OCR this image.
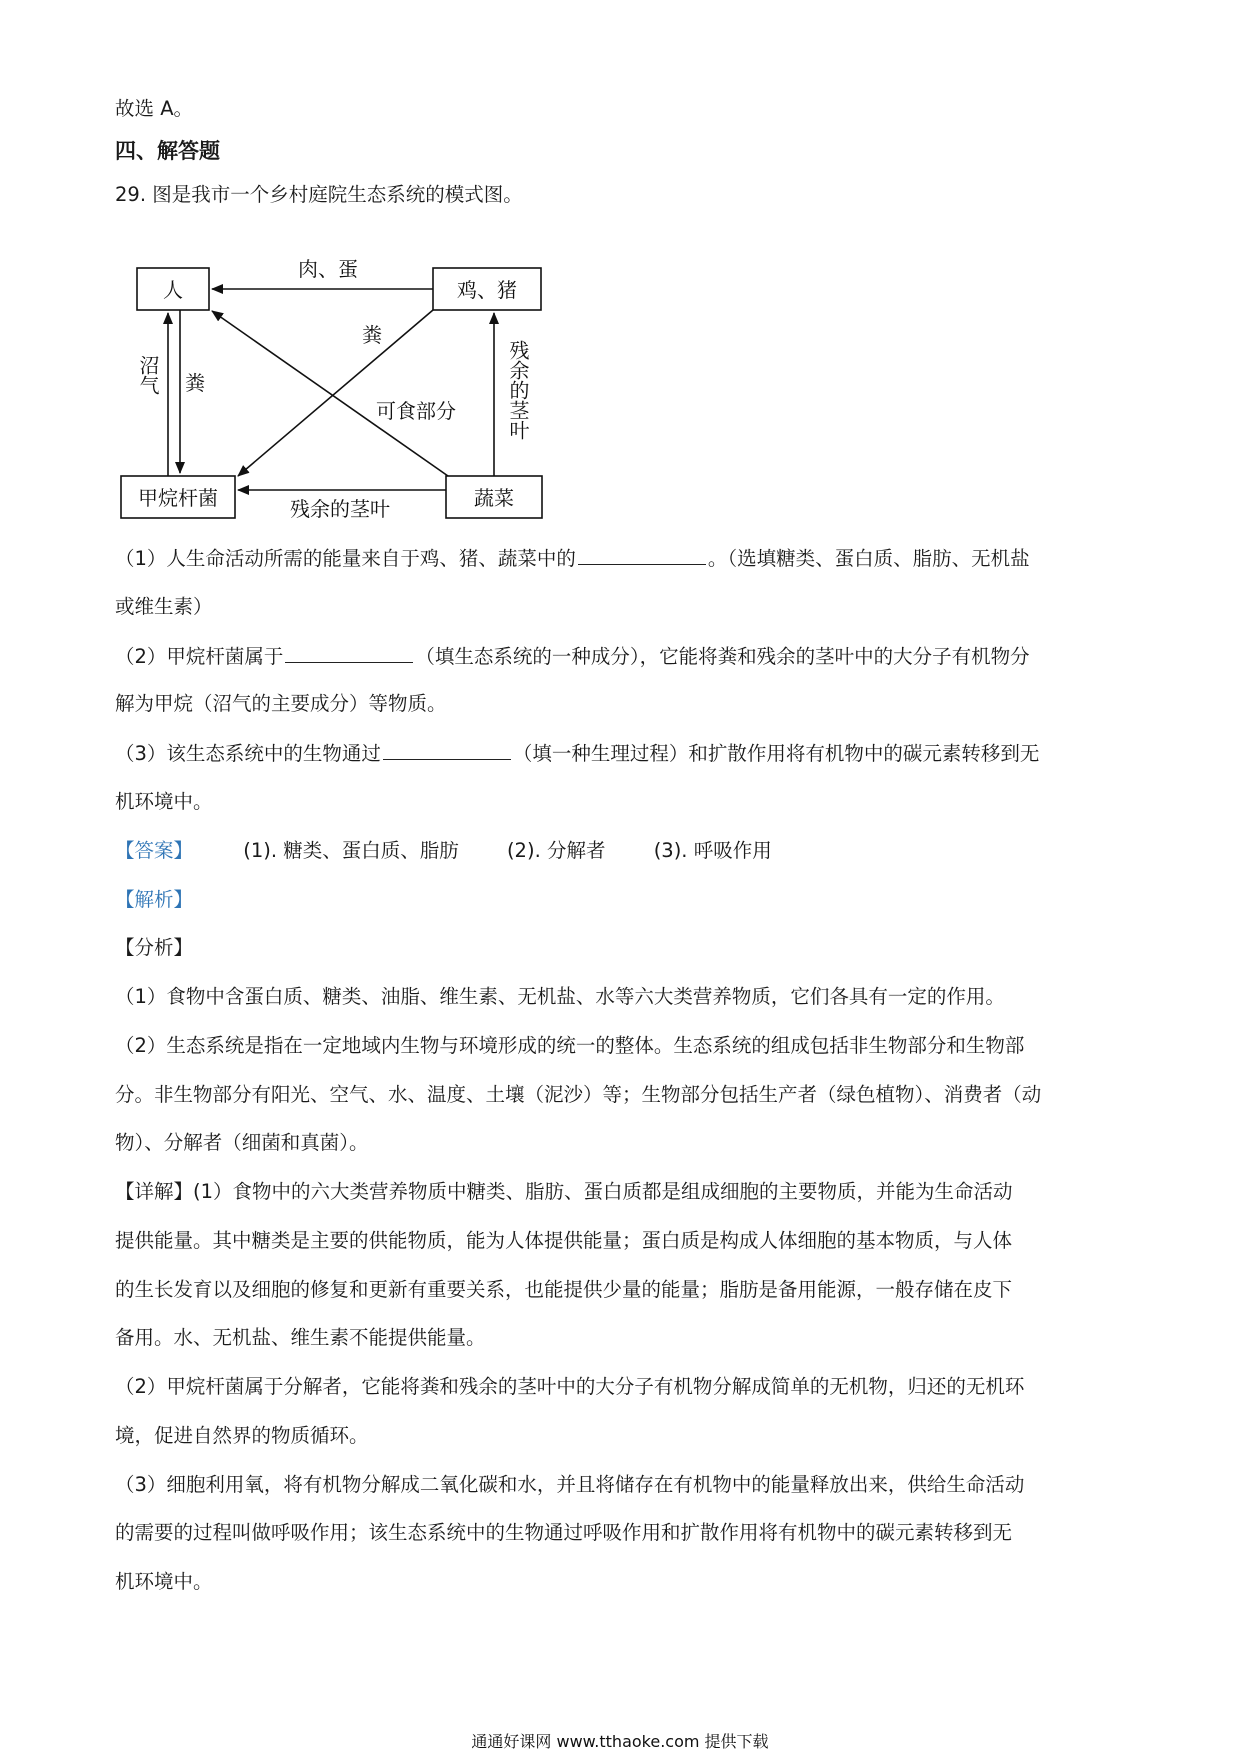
故选 A。
四、解答题
29. 图是我市一个乡村庭院生态系统的模式图。
人	鸡、猪
甲烷杆菌	蔬菜
肉、蛋
粪
可食部分
沼气 粪	残余的茎叶
残余的茎叶
（1）人生命活动所需的能量来自于鸡、猪、蔬菜中的	。（选填糖类、蛋白质、脂肪、无机盐
或维生素）
（2）甲烷杆菌属于	（填生态系统的一种成分），它能将粪和残余的茎叶中的大分子有机物分
解为甲烷（沼气的主要成分）等物质。
（3）该生态系统中的生物通过	（填一种生理过程）和扩散作用将有机物中的碳元素转移到无
机环境中。
【答案】	(1). 糖类、蛋白质、脂肪 (2). 分解者 (3). 呼吸作用
【解析】
【分析】
（1）食物中含蛋白质、糖类、油脂、维生素、无机盐、水等六大类营养物质，它们各具有一定的作用。
（2）生态系统是指在一定地域内生物与环境形成的统一的整体。生态系统的组成包括非生物部分和生物部
分。非生物部分有阳光、空气、水、温度、土壤（泥沙）等；生物部分包括生产者（绿色植物）、消费者（动
物）、分解者（细菌和真菌）。
【详解】(1）食物中的六大类营养物质中糖类、脂肪、蛋白质都是组成细胞的主要物质，并能为生命活动
提供能量。其中糖类是主要的供能物质，能为人体提供能量；蛋白质是构成人体细胞的基本物质，与人体
的生长发育以及细胞的修复和更新有重要关系，也能提供少量的能量；脂肪是备用能源，一般存储在皮下
备用。水、无机盐、维生素不能提供能量。
（2）甲烷杆菌属于分解者，它能将粪和残余的茎叶中的大分子有机物分解成简单的无机物，归还的无机环
境，促进自然界的物质循环。
（3）细胞利用氧，将有机物分解成二氧化碳和水，并且将储存在有机物中的能量释放出来，供给生命活动
的需要的过程叫做呼吸作用；该生态系统中的生物通过呼吸作用和扩散作用将有机物中的碳元素转移到无
机环境中。
通通好课网 www.tthaoke.com 提供下载
